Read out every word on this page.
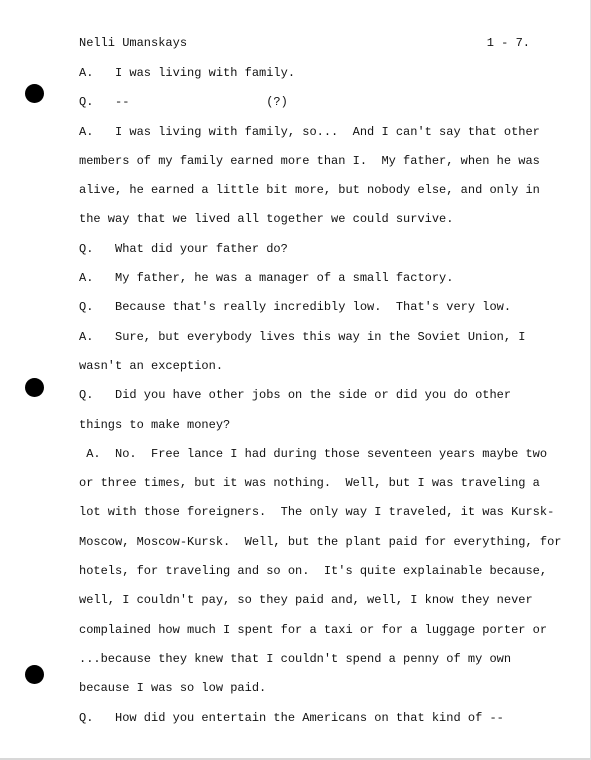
Nelli Umanskays	1 - 7.
A.   I was living with family.
Q.   --                   (?)
A.   I was living with family, so...  And I can't say that other
members of my family earned more than I.  My father, when he was
alive, he earned a little bit more, but nobody else, and only in
the way that we lived all together we could survive.
Q.   What did your father do?
A.   My father, he was a manager of a small factory.
Q.   Because that's really incredibly low.  That's very low.
A.   Sure, but everybody lives this way in the Soviet Union, I
wasn't an exception.
Q.   Did you have other jobs on the side or did you do other
things to make money?
A.  No.  Free lance I had during those seventeen years maybe two
or three times, but it was nothing.  Well, but I was traveling a
lot with those foreigners.  The only way I traveled, it was Kursk-
Moscow, Moscow-Kursk.  Well, but the plant paid for everything, for
hotels, for traveling and so on.  It's quite explainable because,
well, I couldn't pay, so they paid and, well, I know they never
complained how much I spent for a taxi or for a luggage porter or
...because they knew that I couldn't spend a penny of my own
because I was so low paid.
Q.   How did you entertain the Americans on that kind of --
